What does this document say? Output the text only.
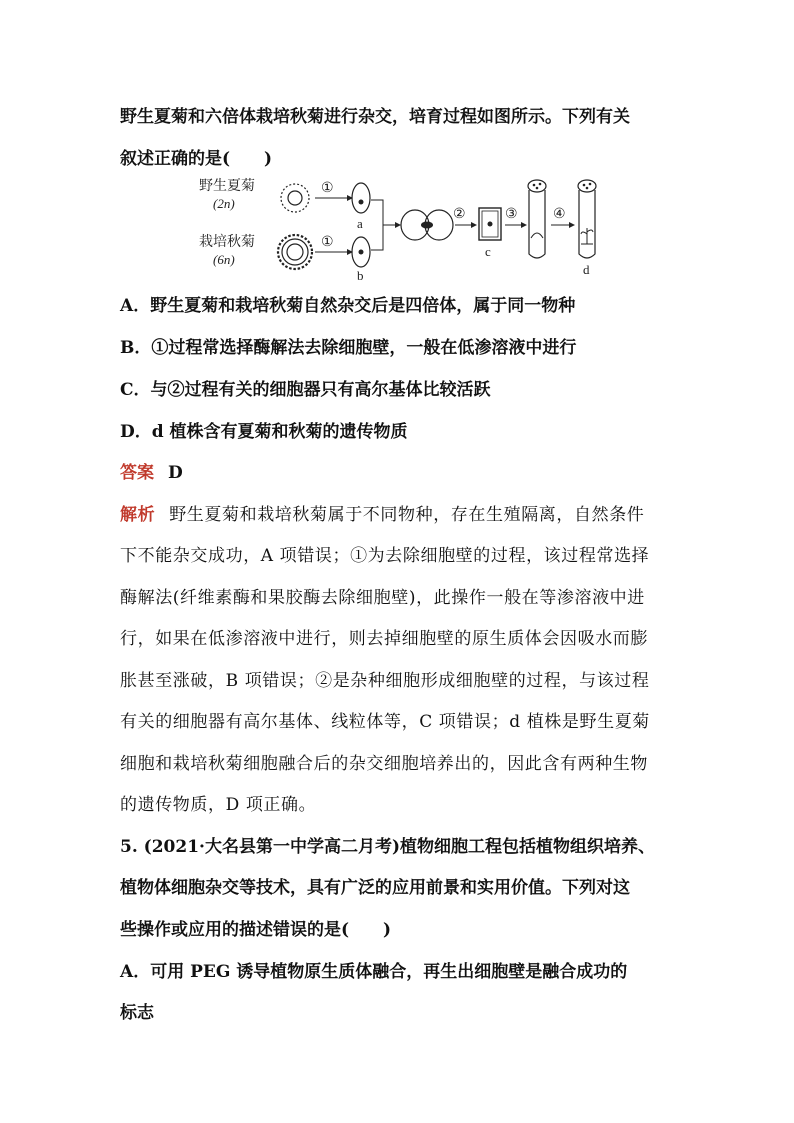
野生夏菊和六倍体栽培秋菊进行杂交，培育过程如图所示。下列有关

叙述正确的是(　　)

野生夏菊
(2n)
栽培秋菊
(6n)
①
①
a
b
②
c
③	④
d

A．野生夏菊和栽培秋菊自然杂交后是四倍体，属于同一物种

B．①过程常选择酶解法去除细胞壁，一般在低渗溶液中进行

C．与②过程有关的细胞器只有高尔基体比较活跃

D．d 植株含有夏菊和秋菊的遗传物质

答案 D

解析 野生夏菊和栽培秋菊属于不同物种，存在生殖隔离，自然条件

下不能杂交成功，A 项错误；①为去除细胞壁的过程，该过程常选择

酶解法(纤维素酶和果胶酶去除细胞壁)，此操作一般在等渗溶液中进

行，如果在低渗溶液中进行，则去掉细胞壁的原生质体会因吸水而膨

胀甚至涨破，B 项错误；②是杂种细胞形成细胞壁的过程，与该过程

有关的细胞器有高尔基体、线粒体等，C 项错误；d 植株是野生夏菊

细胞和栽培秋菊细胞融合后的杂交细胞培养出的，因此含有两种生物

的遗传物质，D 项正确。

5. (2021·大名县第一中学高二月考)植物细胞工程包括植物组织培养、

植物体细胞杂交等技术，具有广泛的应用前景和实用价值。下列对这

些操作或应用的描述错误的是(　　)

A．可用 PEG 诱导植物原生质体融合，再生出细胞壁是融合成功的

标志
